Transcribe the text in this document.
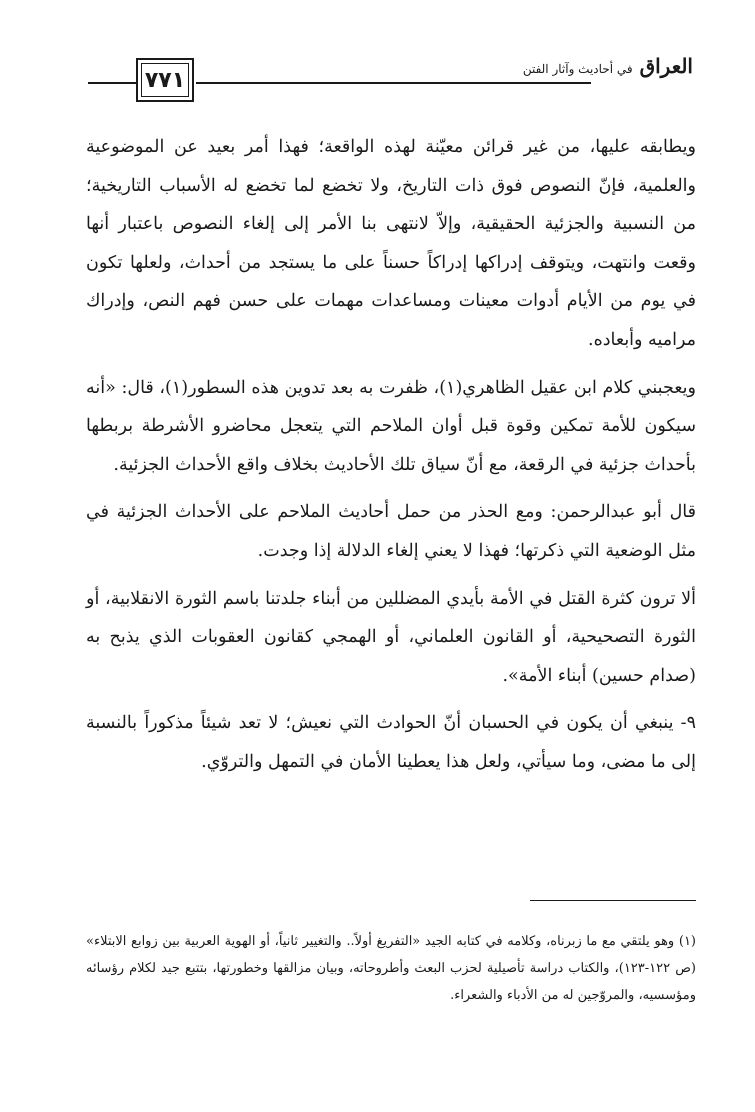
٧٧١
العراق في أحاديث وآثار الفتن

ويطابقه عليها، من غير قرائن معيّنة لهذه الواقعة؛ فهذا أمر بعيد عن الموضوعية والعلمية، فإنّ النصوص فوق ذات التاريخ، ولا تخضع لما تخضع له الأسباب التاريخية؛ من النسبية والجزئية الحقيقية، وإلاّ لانتهى بنا الأمر إلى إلغاء النصوص باعتبار أنها وقعت وانتهت، ويتوقف إدراكها إدراكاً حسناً على ما يستجد من أحداث، ولعلها تكون في يوم من الأيام أدوات معينات ومساعدات مهمات على حسن فهم النص، وإدراك مراميه وأبعاده.

ويعجبني كلام ابن عقيل الظاهري(١)، ظفرت به بعد تدوين هذه السطور(١)، قال: «أنه سيكون للأمة تمكين وقوة قبل أوان الملاحم التي يتعجل محاضرو الأشرطة بربطها بأحداث جزئية في الرقعة، مع أنّ سياق تلك الأحاديث بخلاف واقع الأحداث الجزئية.

قال أبو عبدالرحمن: ومع الحذر من حمل أحاديث الملاحم على الأحداث الجزئية في مثل الوضعية التي ذكرتها؛ فهذا لا يعني إلغاء الدلالة إذا وجدت.

ألا ترون كثرة القتل في الأمة بأيدي المضللين من أبناء جلدتنا باسم الثورة الانقلابية، أو الثورة التصحيحية، أو القانون العلماني، أو الهمجي كقانون العقوبات الذي يذبح به (صدام حسين) أبناء الأمة».

٩- ينبغي أن يكون في الحسبان أنّ الحوادث التي نعيش؛ لا تعد شيئاً مذكوراً بالنسبة إلى ما مضى، وما سيأتي، ولعل هذا يعطينا الأمان في التمهل والتروّي.

(١) وهو يلتقي مع ما زبرناه، وكلامه في كتابه الجيد «التفريغ أولاً.. والتغيير ثانياً، أو الهوية العربية بين زوابع الابتلاء» (ص ١٢٢-١٢٣)، والكتاب دراسة تأصيلية لحزب البعث وأطروحاته، وبيان مزالقها وخطورتها، بتتبع جيد لكلام رؤسائه ومؤسسيه، والمروّجين له من الأدباء والشعراء.
